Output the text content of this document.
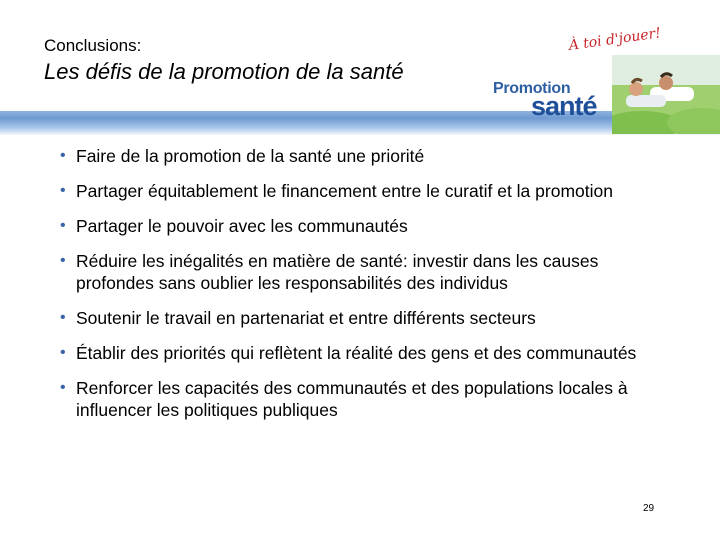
Conclusions:
Les défis de la promotion de la santé
À toi d'jouer!
Promotion
santé
• Faire de la promotion de la santé une priorité
• Partager équitablement le financement entre le curatif et la promotion
• Partager le pouvoir avec les communautés
• Réduire les inégalités en matière de santé: investir dans les causes profondes sans oublier les responsabilités des individus
• Soutenir le travail en partenariat et entre différents secteurs
• Établir des priorités qui reflètent la réalité des gens et des communautés
• Renforcer les capacités des communautés et des populations locales à influencer les politiques publiques
29
